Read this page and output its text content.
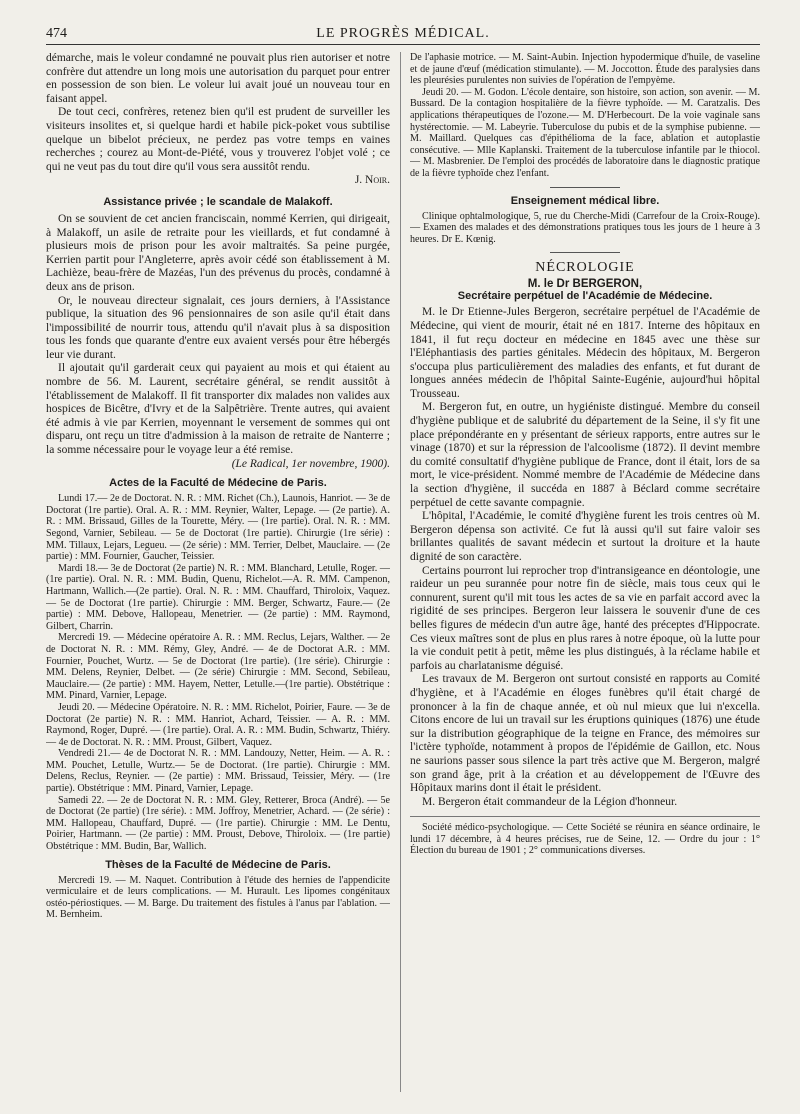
474	LE PROGRÈS MÉDICAL.

démarche, mais le voleur condamné ne pouvait plus rien autoriser et notre confrère dut attendre un long mois une autorisation du parquet pour entrer en possession de son bien. Le voleur lui avait joué un nouveau tour en faisant appel.

De tout ceci, confrères, retenez bien qu'il est prudent de surveiller les visiteurs insolites et, si quelque hardi et habile pick-poket vous subtilise quelque un bibelot précieux, ne perdez pas votre temps en vaines recherches ; courez au Mont-de-Piété, vous y trouverez l'objet volé ; ce qui ne veut pas du tout dire qu'il vous sera aussitôt rendu.

J. Noir.

Assistance privée ; le scandale de Malakoff.

On se souvient de cet ancien franciscain, nommé Kerrien, qui dirigeait, à Malakoff, un asile de retraite pour les vieillards, et fut condamné à plusieurs mois de prison pour les avoir maltraités. Sa peine purgée, Kerrien partit pour l'Angleterre, après avoir cédé son établissement à M. Lachièze, beau-frère de Mazéas, l'un des prévenus du procès, condamné à deux ans de prison.

Or, le nouveau directeur signalait, ces jours derniers, à l'Assistance publique, la situation des 96 pensionnaires de son asile qu'il était dans l'impossibilité de nourrir tous, attendu qu'il n'avait plus à sa disposition tous les fonds que quarante d'entre eux avaient versés pour être hébergés leur vie durant.

Il ajoutait qu'il garderait ceux qui payaient au mois et qui étaient au nombre de 56. M. Laurent, secrétaire général, se rendit aussitôt à l'établissement de Malakoff. Il fit transporter dix malades non valides aux hospices de Bicêtre, d'Ivry et de la Salpêtrière. Trente autres, qui avaient été admis à vie par Kerrien, moyennant le versement de sommes qui ont disparu, ont reçu un titre d'admission à la maison de retraite de Nanterre ; la somme nécessaire pour le voyage leur a été remise.

(Le Radical, 1er novembre, 1900).

Actes de la Faculté de Médecine de Paris.

Lundi 17.— 2e de Doctorat. N. R. : MM. Richet (Ch.), Launois, Hanriot. — 3e de Doctorat (1re partie). Oral. A. R. : MM. Reynier, Walter, Lepage. — (2e partie). A. R. : MM. Brissaud, Gilles de la Tourette, Méry. — (1re partie). Oral. N. R. : MM. Segond, Varnier, Sebileau. — 5e de Doctorat (1re partie). Chirurgie (1re série) : MM. Tillaux, Lejars, Legueu. — (2e série) : MM. Terrier, Delbet, Mauclaire. — (2e partie) : MM. Fournier, Gaucher, Teissier.

Mardi 18.— 3e de Doctorat (2e partie) N. R. : MM. Blanchard, Letulle, Roger. — (1re partie). Oral. N. R. : MM. Budin, Quenu, Richelot.—A. R. MM. Campenon, Hartmann, Wallich.—(2e partie). Oral. N. R. : MM. Chauffard, Thiroloix, Vaquez. — 5e de Doctorat (1re partie). Chirurgie : MM. Berger, Schwartz, Faure.— (2e partie) : MM. Debove, Hallopeau, Menetrier. — (2e partie) : MM. Raymond, Gilbert, Charrin.

Mercredi 19. — Médecine opératoire A. R. : MM. Reclus, Lejars, Walther. — 2e de Doctorat N. R. : MM. Rémy, Gley, André. — 4e de Doctorat A.R. : MM. Fournier, Pouchet, Wurtz. — 5e de Doctorat (1re partie). (1re série). Chirurgie : MM. Delens, Reynier, Delbet. — (2e série) Chirurgie : MM. Second, Sebileau, Mauclaire.— (2e partie) : MM. Hayem, Netter, Letulle.—(1re partie). Obstétrique : MM. Pinard, Varnier, Lepage.

Jeudi 20. — Médecine Opératoire. N. R. : MM. Richelot, Poirier, Faure. — 3e de Doctorat (2e partie) N. R. : MM. Hanriot, Achard, Teissier. — A. R. : MM. Raymond, Roger, Dupré. — (1re partie). Oral. A. R. : MM. Budin, Schwartz, Thiéry. — 4e de Doctorat. N. R. : MM. Proust, Gilbert, Vaquez.

Vendredi 21.— 4e de Doctorat N. R. : MM. Landouzy, Netter, Heim. — A. R. : MM. Pouchet, Letulle, Wurtz.— 5e de Doctorat. (1re partie). Chirurgie : MM. Delens, Reclus, Reynier. — (2e partie) : MM. Brissaud, Teissier, Méry. — (1re partie). Obstétrique : MM. Pinard, Varnier, Lepage.

Samedi 22. — 2e de Doctorat N. R. : MM. Gley, Retterer, Broca (André). — 5e de Doctorat (2e partie) (1re série). : MM. Joffroy, Menetrier, Achard. — (2e série) : MM. Hallopeau, Chauffard, Dupré. — (1re partie). Chirurgie : MM. Le Dentu, Poirier, Hartmann. — (2e partie) : MM. Proust, Debove, Thiroloix. — (1re partie) Obstétrique : MM. Budin, Bar, Wallich.

Thèses de la Faculté de Médecine de Paris.

Mercredi 19. — M. Naquet. Contribution à l'étude des hernies de l'appendicite vermiculaire et de leurs complications. — M. Hurault. Les lipomes congénitaux ostéo-périostiques. — M. Barge. Du traitement des fistules à l'anus par l'ablation. — M. Bernheim.

De l'aphasie motrice. — M. Saint-Aubin. Injection hypodermique d'huile, de vaseline et de jaune d'œuf (médication stimulante). — M. Joccotton. Étude des paralysies dans les pleurésies purulentes non suivies de l'opération de l'empyème.

Jeudi 20. — M. Godon. L'école dentaire, son histoire, son action, son avenir. — M. Bussard. De la contagion hospitalière de la fièvre typhoïde. — M. Caratzalis. Des applications thérapeutiques de l'ozone.— M. D'Herbecourt. De la voie vaginale sans hystérectomie. — M. Labeyrie. Tuberculose du pubis et de la symphise pubienne. — M. Maillard. Quelques cas d'épithélioma de la face, ablation et autoplastie consécutive. — Mlle Kaplanski. Traitement de la tuberculose infantile par le thiocol. — M. Masbrenier. De l'emploi des procédés de laboratoire dans le diagnostic pratique de la fièvre typhoïde chez l'enfant.

Enseignement médical libre.

Clinique ophtalmologique, 5, rue du Cherche-Midi (Carrefour de la Croix-Rouge). — Examen des malades et des démonstrations pratiques tous les jours de 1 heure à 3 heures. Dr E. Kœnig.

NÉCROLOGIE
M. le Dr BERGERON,
Secrétaire perpétuel de l'Académie de Médecine.

M. le Dr Etienne-Jules Bergeron, secrétaire perpétuel de l'Académie de Médecine, qui vient de mourir, était né en 1817. Interne des hôpitaux en 1841, il fut reçu docteur en médecine en 1845 avec une thèse sur l'Eléphantiasis des parties génitales. Médecin des hôpitaux, M. Bergeron s'occupa plus particulièrement des maladies des enfants, et fut durant de longues années médecin de l'hôpital Sainte-Eugénie, aujourd'hui hôpital Trousseau.

M. Bergeron fut, en outre, un hygiéniste distingué. Membre du conseil d'hygiène publique et de salubrité du département de la Seine, il s'y fit une place prépondérante en y présentant de sérieux rapports, entre autres sur le vinage (1870) et sur la répression de l'alcoolisme (1872). Il devint membre du comité consultatif d'hygiène publique de France, dont il était, lors de sa mort, le vice-président. Nommé membre de l'Académie de Médecine dans la section d'hygiène, il succéda en 1887 à Béclard comme secrétaire perpétuel de cette savante compagnie.

L'hôpital, l'Académie, le comité d'hygiène furent les trois centres où M. Bergeron dépensa son activité. Ce fut là aussi qu'il sut faire valoir ses brillantes qualités de savant médecin et surtout la droiture et la haute dignité de son caractère.

Certains pourront lui reprocher trop d'intransigeance en déontologie, une raideur un peu surannée pour notre fin de siècle, mais tous ceux qui le connurent, surent qu'il mit tous les actes de sa vie en parfait accord avec la rigidité de ses principes. Bergeron leur laissera le souvenir d'une de ces belles figures de médecin d'un autre âge, hanté des préceptes d'Hippocrate. Ces vieux maîtres sont de plus en plus rares à notre époque, où la lutte pour la vie conduit petit à petit, même les plus distingués, à la réclame habile et parfois au charlatanisme déguisé.

Les travaux de M. Bergeron ont surtout consisté en rapports au Comité d'hygiène, et à l'Académie en éloges funèbres qu'il était chargé de prononcer à la fin de chaque année, et où nul mieux que lui n'excella. Citons encore de lui un travail sur les éruptions quiniques (1876) une étude sur la distribution géographique de la teigne en France, des mémoires sur l'ictère typhoïde, notamment à propos de l'épidémie de Gaillon, etc. Nous ne saurions passer sous silence la part très active que M. Bergeron, malgré son grand âge, prit à la création et au développement de l'Œuvre des Hôpitaux marins dont il était le président.

M. Bergeron était commandeur de la Légion d'honneur.

Société médico-psychologique. — Cette Société se réunira en séance ordinaire, le lundi 17 décembre, à 4 heures précises, rue de Seine, 12. — Ordre du jour : 1° Élection du bureau de 1901 ; 2° communications diverses.
